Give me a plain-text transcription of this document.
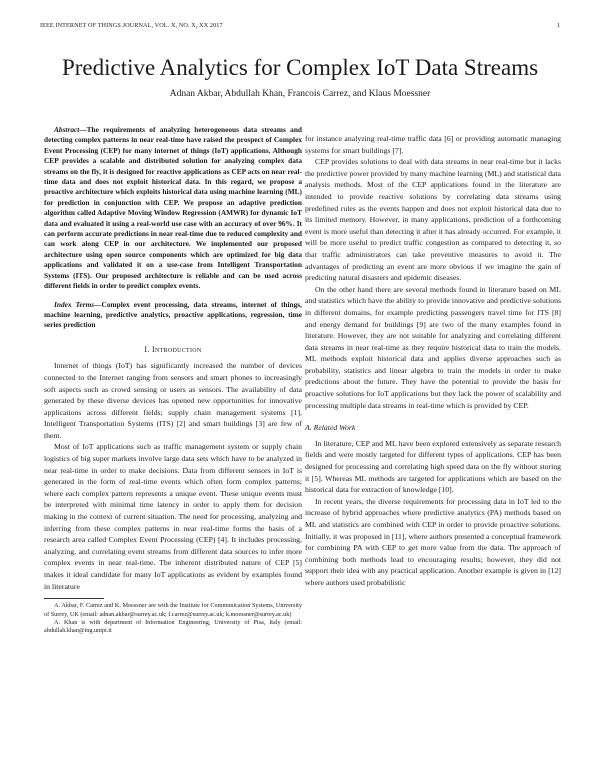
IEEE INTERNET OF THINGS JOURNAL, VOL. X, NO. X, XX 2017	1
Predictive Analytics for Complex IoT Data Streams
Adnan Akbar, Abdullah Khan, Francois Carrez, and Klaus Moessner

Abstract—The requirements of analyzing heterogeneous data streams and detecting complex patterns in near real-time have raised the prospect of Complex Event Processing (CEP) for many internet of things (IoT) applications. Although CEP provides a scalable and distributed solution for analyzing complex data streams on the fly, it is designed for reactive applications as CEP acts on near real-time data and does not exploit historical data. In this regard, we propose a proactive architecture which exploits historical data using machine learning (ML) for prediction in conjunction with CEP. We propose an adaptive prediction algorithm called Adaptive Moving Window Regression (AMWR) for dynamic IoT data and evaluated it using a real-world use case with an accuracy of over 96%. It can perform accurate predictions in near real-time due to reduced complexity and can work along CEP in our architecture. We implemented our proposed architecture using open source components which are optimized for big data applications and validated it on a use-case from Intelligent Transportation Systems (ITS). Our proposed architecture is reliable and can be used across different fields in order to predict complex events.

Index Terms—Complex event processing, data streams, internet of things, machine learning, predictive analytics, proactive applications, regression, time series prediction

I. Introduction

Internet of things (IoT) has significantly increased the number of devices connected to the Internet ranging from sensors and smart phones to increasingly soft aspects such as crowd sensing or users as sensors. The availability of data generated by these diverse devices has opened new opportunities for innovative applications across different fields; supply chain management systems [1], Intelligent Transportation Systems (ITS) [2] and smart buildings [3] are few of them.

Most of IoT applications such as traffic management system or supply chain logistics of big super markets involve large data sets which have to be analyzed in near real-time in order to make decisions. Data from different sensors in IoT is generated in the form of real-time events which often form complex patterns; where each complex pattern represents a unique event. These unique events must be interpreted with minimal time latency in order to apply them for decision making in the context of current situation. The need for processing, analyzing and inferring from these complex patterns in near real-time forms the basis of a research area called Complex Event Processing (CEP) [4]. It includes processing, analyzing, and correlating event streams from different data sources to infer more complex events in near real-time. The inherent distributed nature of CEP [5] makes it ideal candidate for many IoT applications as evident by examples found in literature

A. Akbar, F. Carrez and K. Moessner are with the Institute for Communication Systems, University of Surrey, UK (email: adnan.akbar@surrey.ac.uk; f.carrez@surrey.ac.uk; k.moessner@surrey.ac.uk)

A. Khan is with department of Information Engineering, University of Pisa, Italy (email: abdullah.khan@ing.unipi.it

for instance analyzing real-time traffic data [6] or providing automatic managing systems for smart buildings [7].

CEP provides solutions to deal with data streams in near real-time but it lacks the predictive power provided by many machine learning (ML) and statistical data analysis methods. Most of the CEP applications found in the literature are intended to provide reactive solutions by correlating data streams using predefined rules as the events happen and does not exploit historical data due to its limited memory. However, in many applications, prediction of a forthcoming event is more useful than detecting it after it has already occurred. For example, it will be more useful to predict traffic congestion as compared to detecting it, so that traffic administrators can take preventive measures to avoid it. The advantages of predicting an event are more obvious if we imagine the gain of predicting natural disasters and epidemic diseases.

On the other hand there are several methods found in literature based on ML and statistics which have the ability to provide innovative and predictive solutions in different domains, for example predicting passengers travel time for ITS [8] and energy demand for buildings [9] are two of the many examples found in literature. However, they are not suitable for analyzing and correlating different data streams in near real-time as they require historical data to train the models. ML methods exploit historical data and applies diverse approaches such as probability, statistics and linear algebra to train the models in order to make predictions about the future. They have the potential to provide the basis for proactive solutions for IoT applications but they lack the power of scalability and processing multiple data streams in real-time which is provided by CEP.

A. Related Work

In literature, CEP and ML have been explored extensively as separate research fields and were mostly targeted for different types of applications. CEP has been designed for processing and correlating high speed data on the fly without storing it [5]. Whereas ML methods are targeted for applications which are based on the historical data for extraction of knowledge [10].

In recent years, the diverse requirements for processing data in IoT led to the increase of hybrid approaches where predictive analytics (PA) methods based on ML and statistics are combined with CEP in order to provide proactive solutions. Initially, it was proposed in [11], where authors presented a conceptual framework for combining PA with CEP to get more value from the data. The approach of combining both methods lead to encouraging results; however, they did not support their idea with any practical application. Another example is given in [12] where authors used probabilistic
